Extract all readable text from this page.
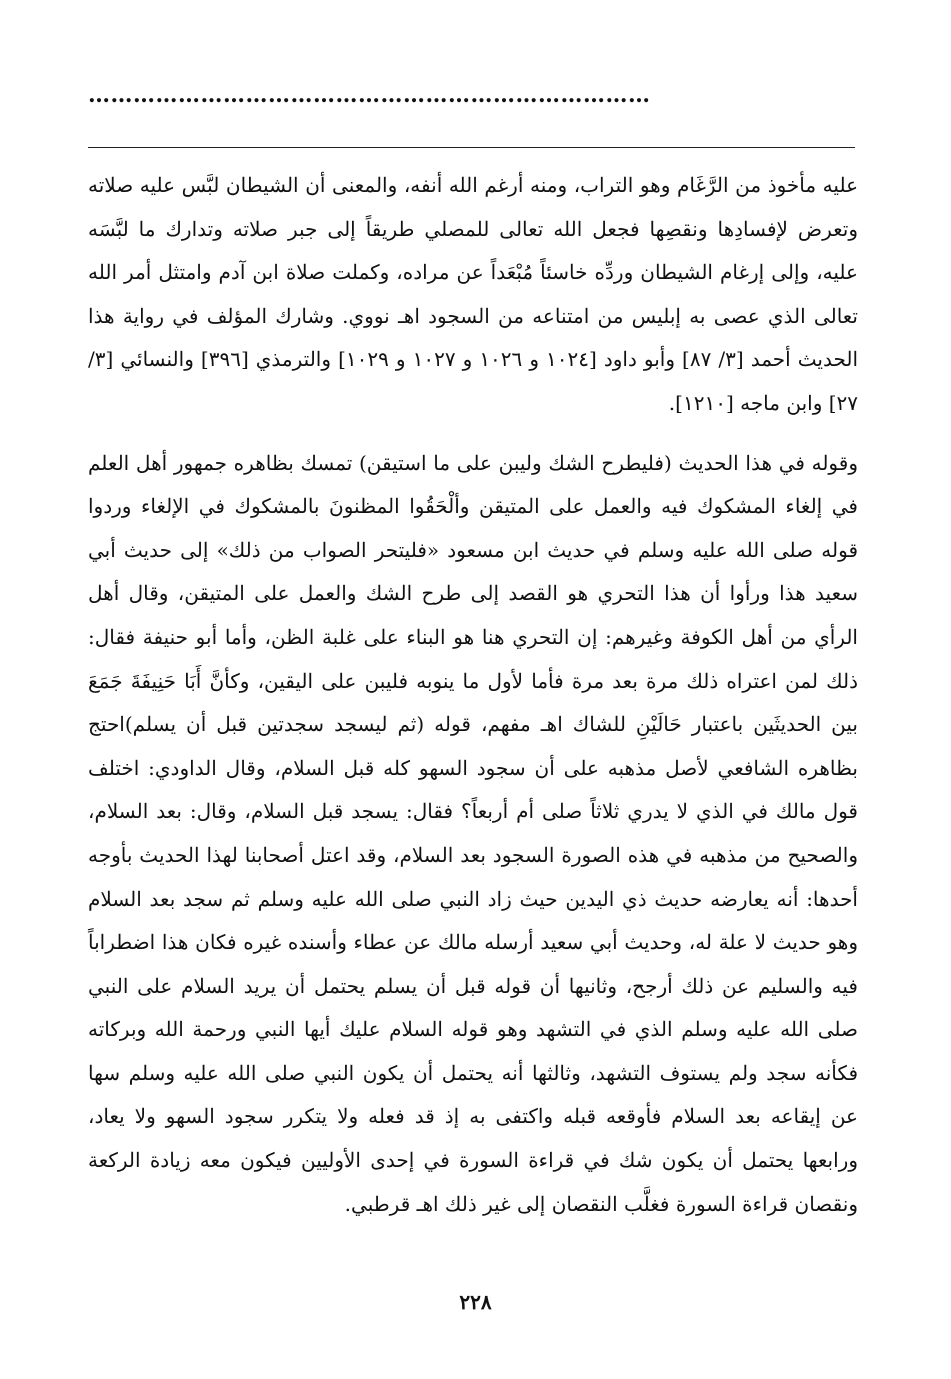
…………………………………………………………………

عليه مأخوذ من الرَّغَام وهو التراب، ومنه أرغم الله أنفه، والمعنى أن الشيطان لبَّس عليه صلاته وتعرض لإفسادِها ونقصِها فجعل الله تعالى للمصلي طريقاً إلى جبر صلاته وتدارك ما لبَّسَه عليه، وإلى إرغام الشيطان وردِّه خاسئاً مُبْعَداً عن مراده، وكملت صلاة ابن آدم وامتثل أمر الله تعالى الذي عصى به إبليس من امتناعه من السجود اهـ نووي. وشارك المؤلف في رواية هذا الحديث أحمد [٣/ ٨٧] وأبو داود [١٠٢٤ و ١٠٢٦ و ١٠٢٧ و ١٠٢٩] والترمذي [٣٩٦] والنسائي [٣/ ٢٧] وابن ماجه [١٢١٠].

وقوله في هذا الحديث (فليطرح الشك وليبن على ما استيقن) تمسك بظاهره جمهور أهل العلم في إلغاء المشكوك فيه والعمل على المتيقن وألْحَقُوا المظنونَ بالمشكوك في الإلغاء وردوا قوله صلى الله عليه وسلم في حديث ابن مسعود «فليتحر الصواب من ذلك» إلى حديث أبي سعيد هذا ورأوا أن هذا التحري هو القصد إلى طرح الشك والعمل على المتيقن، وقال أهل الرأي من أهل الكوفة وغيرهم: إن التحري هنا هو البناء على غلبة الظن، وأما أبو حنيفة فقال: ذلك لمن اعتراه ذلك مرة بعد مرة فأما لأول ما ينوبه فليبن على اليقين، وكأنَّ أَبَا حَنِيفَةَ جَمَعَ بين الحديثَين باعتبار حَالَيْنِ للشاك اهـ مفهم، قوله (ثم ليسجد سجدتين قبل أن يسلم)احتج بظاهره الشافعي لأصل مذهبه على أن سجود السهو كله قبل السلام، وقال الداودي: اختلف قول مالك في الذي لا يدري ثلاثاً صلى أم أربعاً؟ فقال: يسجد قبل السلام، وقال: بعد السلام، والصحيح من مذهبه في هذه الصورة السجود بعد السلام، وقد اعتل أصحابنا لهذا الحديث بأوجه أحدها: أنه يعارضه حديث ذي اليدين حيث زاد النبي صلى الله عليه وسلم ثم سجد بعد السلام وهو حديث لا علة له، وحديث أبي سعيد أرسله مالك عن عطاء وأسنده غيره فكان هذا اضطراباً فيه والسليم عن ذلك أرجح، وثانيها أن قوله قبل أن يسلم يحتمل أن يريد السلام على النبي صلى الله عليه وسلم الذي في التشهد وهو قوله السلام عليك أيها النبي ورحمة الله وبركاته فكأنه سجد ولم يستوف التشهد، وثالثها أنه يحتمل أن يكون النبي صلى الله عليه وسلم سها عن إيقاعه بعد السلام فأوقعه قبله واكتفى به إذ قد فعله ولا يتكرر سجود السهو ولا يعاد، ورابعها يحتمل أن يكون شك في قراءة السورة في إحدى الأوليين فيكون معه زيادة الركعة ونقصان قراءة السورة فغلَّب النقصان إلى غير ذلك اهـ قرطبي.

٢٢٨
